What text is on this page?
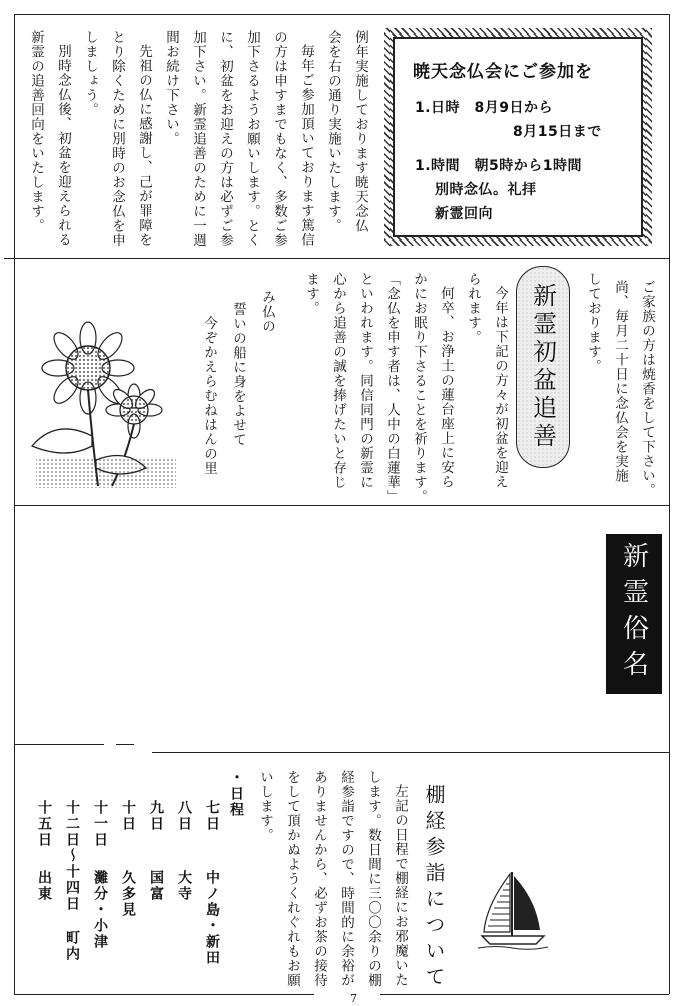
暁天念仏会にご参加を
1.日時　8月9日から
8月15日まで
1.時間　朝5時から1時間
別時念仏。礼拝
新霊回向
例年実施しております暁天念仏
会を右の通り実施いたします。
毎年ご参加頂いております篤信
の方は申すまでもなく、多数ご参
加下さるようお願いします。とく
に、初盆をお迎えの方は必ずご参
加下さい。新霊追善のために一週
間お続け下さい。
先祖の仏に感謝し、己が罪障を
とり除くために別時のお念仏を申
しましょう。
別時念仏後、初盆を迎えられる
新霊の追善回向をいたします。
ご家族の方は焼香をして下さい。
尚、毎月二十日に念仏会を実施
しております。
新霊初盆追善
今年は下記の方々が初盆を迎え
られます。
何卒、お浄土の蓮台座上に安ら
かにお眠り下さることを祈ります。
「念仏を申す者は、人中の白蓮華」
といわれます。同信同門の新霊に
心から追善の誠を捧げたいと存じ
ます。
み仏の
誓いの船に身をよせて
今ぞかえらむねはんの里
新霊俗名
棚経参詣について
左記の日程で棚経にお邪魔いた
します。数日間に三〇〇余りの棚
経参詣ですので、時間的に余裕が
ありませんから、必ずお茶の接待
をして頂かぬようくれぐれもお願
いします。
・日程
七日
中ノ島・新田
八日
大寺
九日
国富
十日
久多見
十一日
灘分・小津
十二日〜十四日
町内
十五日
出東
7
